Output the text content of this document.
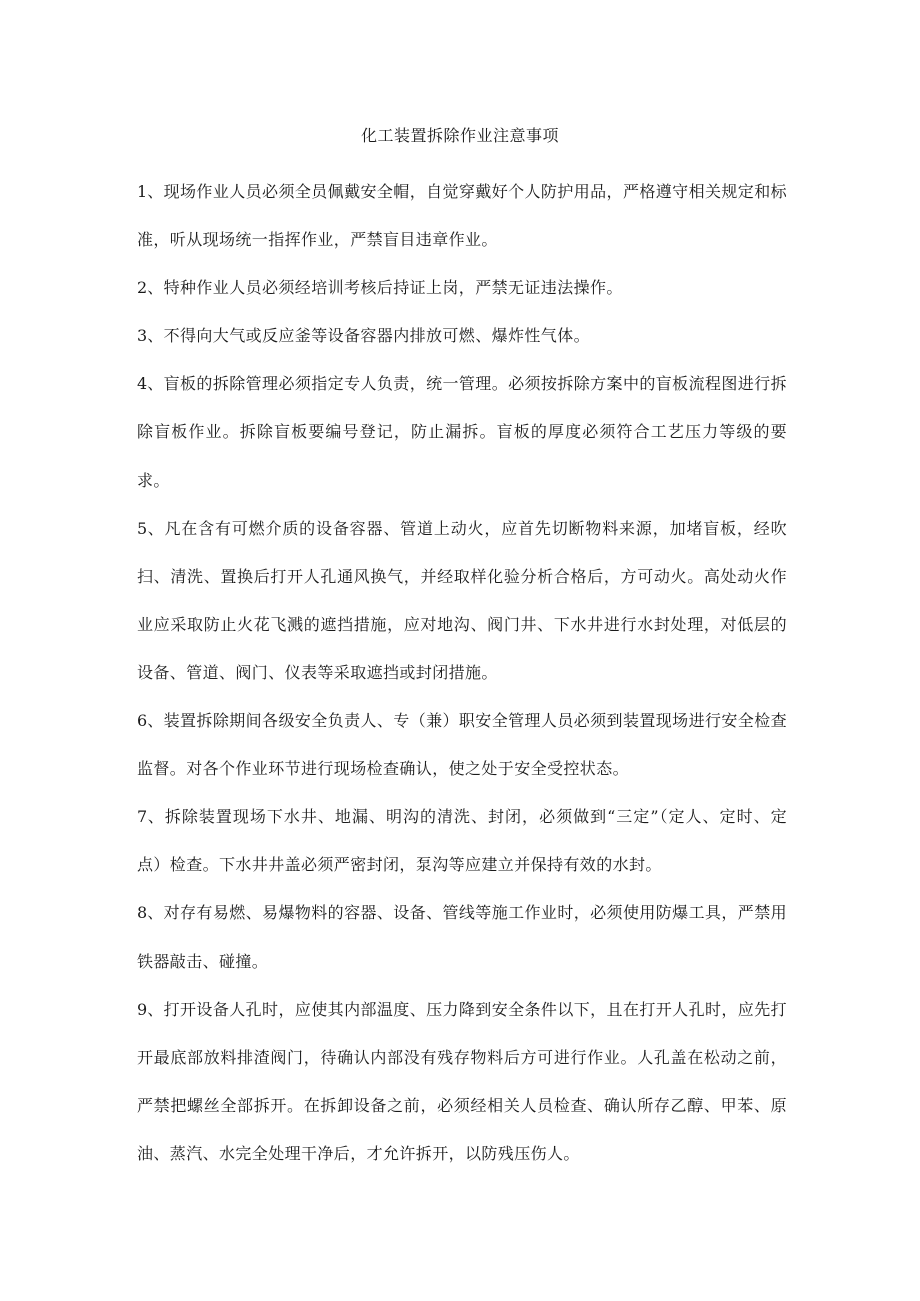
化工装置拆除作业注意事项

1、现场作业人员必须全员佩戴安全帽，自觉穿戴好个人防护用品，严格遵守相关规定和标准，听从现场统一指挥作业，严禁盲目违章作业。

2、特种作业人员必须经培训考核后持证上岗，严禁无证违法操作。

3、不得向大气或反应釜等设备容器内排放可燃、爆炸性气体。

4、盲板的拆除管理必须指定专人负责，统一管理。必须按拆除方案中的盲板流程图进行拆除盲板作业。拆除盲板要编号登记，防止漏拆。盲板的厚度必须符合工艺压力等级的要求。

5、凡在含有可燃介质的设备容器、管道上动火，应首先切断物料来源，加堵盲板，经吹扫、清洗、置换后打开人孔通风换气，并经取样化验分析合格后，方可动火。高处动火作业应采取防止火花飞溅的遮挡措施，应对地沟、阀门井、下水井进行水封处理，对低层的设备、管道、阀门、仪表等采取遮挡或封闭措施。

6、装置拆除期间各级安全负责人、专（兼）职安全管理人员必须到装置现场进行安全检查监督。对各个作业环节进行现场检查确认，使之处于安全受控状态。

7、拆除装置现场下水井、地漏、明沟的清洗、封闭，必须做到“三定”（定人、定时、定点）检查。下水井井盖必须严密封闭，泵沟等应建立并保持有效的水封。

8、对存有易燃、易爆物料的容器、设备、管线等施工作业时，必须使用防爆工具，严禁用铁器敲击、碰撞。

9、打开设备人孔时，应使其内部温度、压力降到安全条件以下，且在打开人孔时，应先打开最底部放料排渣阀门，待确认内部没有残存物料后方可进行作业。人孔盖在松动之前，严禁把螺丝全部拆开。在拆卸设备之前，必须经相关人员检查、确认所存乙醇、甲苯、原油、蒸汽、水完全处理干净后，才允许拆开，以防残压伤人。
